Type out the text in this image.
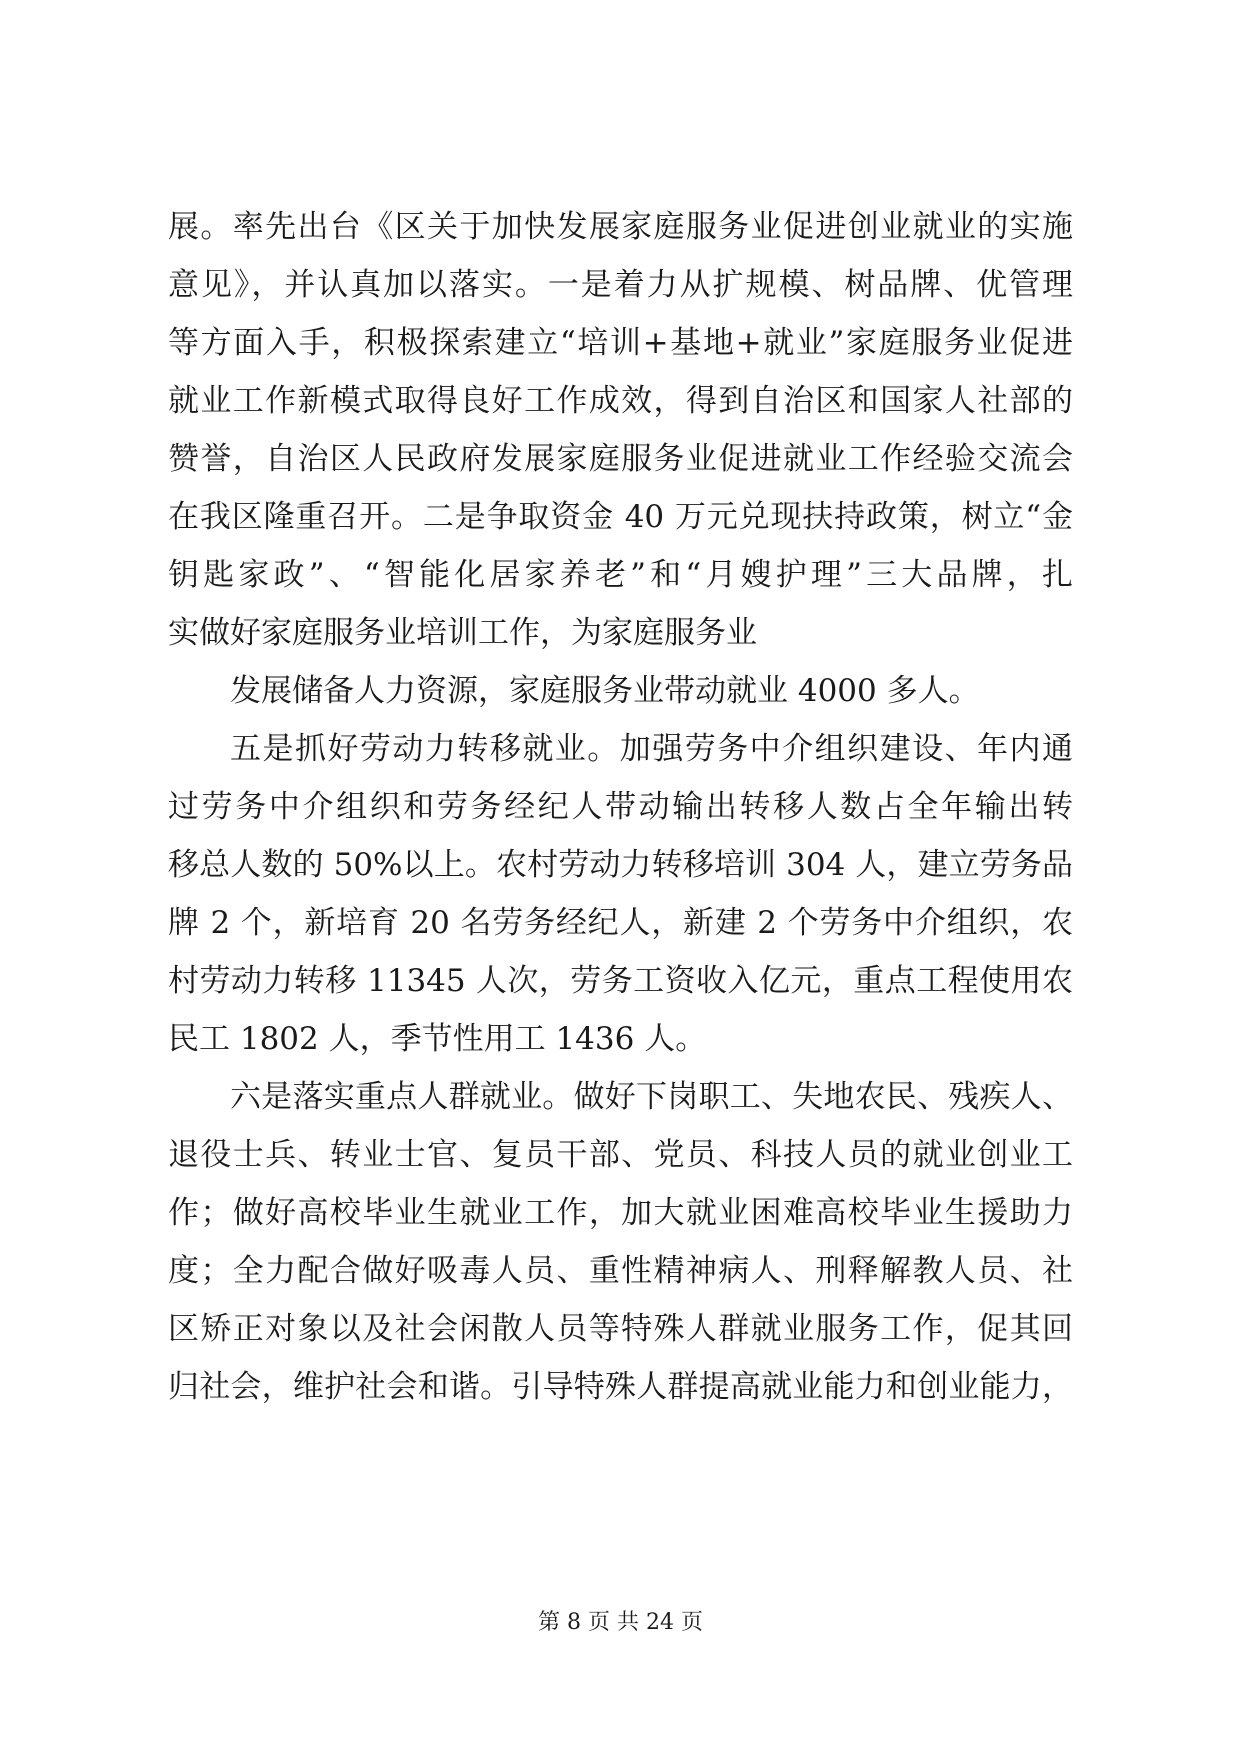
展。率先出台《区关于加快发展家庭服务业促进创业就业的实施
意见》，并认真加以落实。一是着力从扩规模、树品牌、优管理
等方面入手，积极探索建立“培训+基地+就业”家庭服务业促进
就业工作新模式取得良好工作成效，得到自治区和国家人社部的
赞誉，自治区人民政府发展家庭服务业促进就业工作经验交流会
在我区隆重召开。二是争取资金 40 万元兑现扶持政策，树立“金
钥匙家政”、“智能化居家养老”和“月嫂护理”三大品牌，扎
实做好家庭服务业培训工作，为家庭服务业
发展储备人力资源，家庭服务业带动就业 4000 多人。
五是抓好劳动力转移就业。加强劳务中介组织建设、年内通
过劳务中介组织和劳务经纪人带动输出转移人数占全年输出转
移总人数的 50%以上。农村劳动力转移培训 304 人，建立劳务品
牌 2 个，新培育 20 名劳务经纪人，新建 2 个劳务中介组织，农
村劳动力转移 11345 人次，劳务工资收入亿元，重点工程使用农
民工 1802 人，季节性用工 1436 人。
六是落实重点人群就业。做好下岗职工、失地农民、残疾人、
退役士兵、转业士官、复员干部、党员、科技人员的就业创业工
作；做好高校毕业生就业工作，加大就业困难高校毕业生援助力
度；全力配合做好吸毒人员、重性精神病人、刑释解教人员、社
区矫正对象以及社会闲散人员等特殊人群就业服务工作，促其回
归社会，维护社会和谐。引导特殊人群提高就业能力和创业能力，
第 8 页 共 24 页
